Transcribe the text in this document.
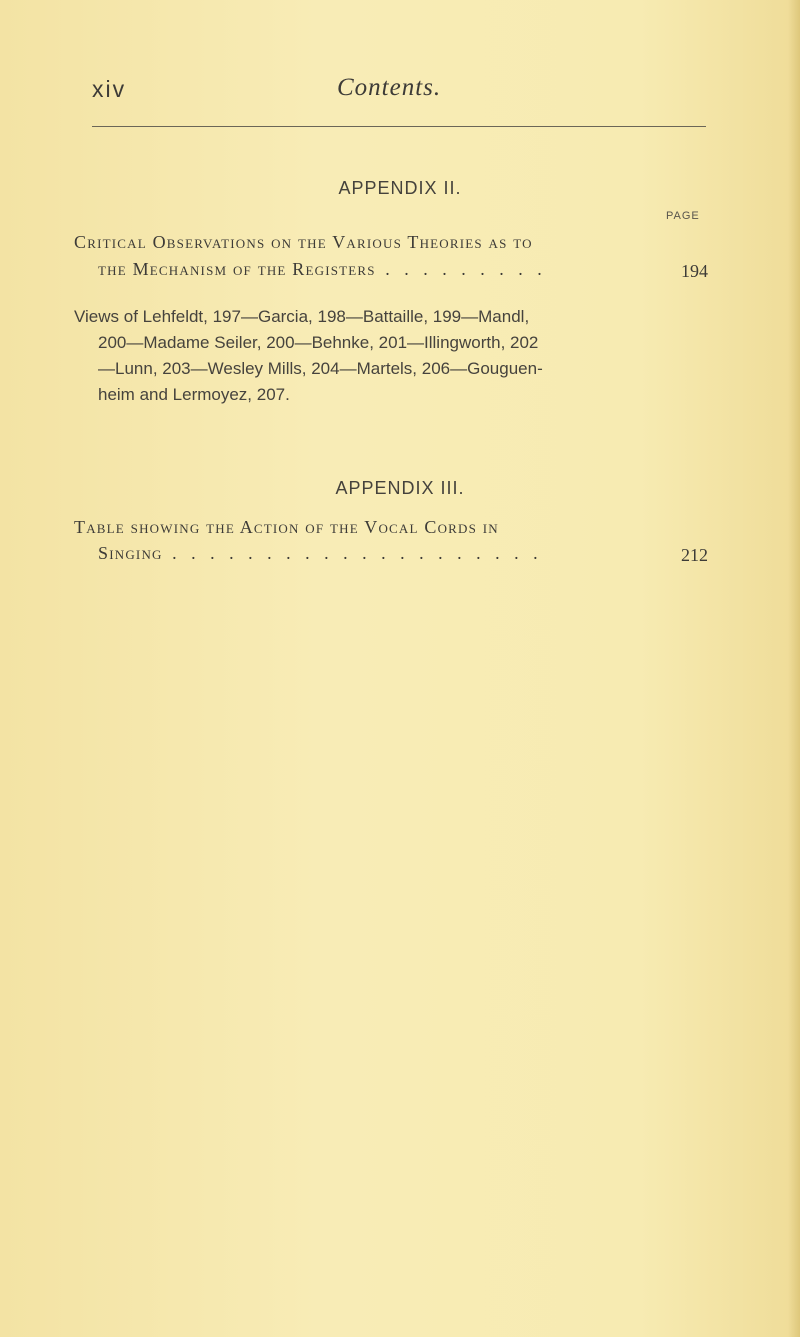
xiv	Contents.
APPENDIX II.
PAGE
Critical Observations on the Various Theories as to
the Mechanism of the Registers . . . . . . . . .	194
Views of Lehfeldt, 197—Garcia, 198—Battaille, 199—Mandl,
200—Madame Seiler, 200—Behnke, 201—Illingworth, 202
—Lunn, 203—Wesley Mills, 204—Martels, 206—Gouguen-
heim and Lermoyez, 207.
APPENDIX III.
Table showing the Action of the Vocal Cords in
Singing . . . . . . . . . . . . . . . . . . . .	212
